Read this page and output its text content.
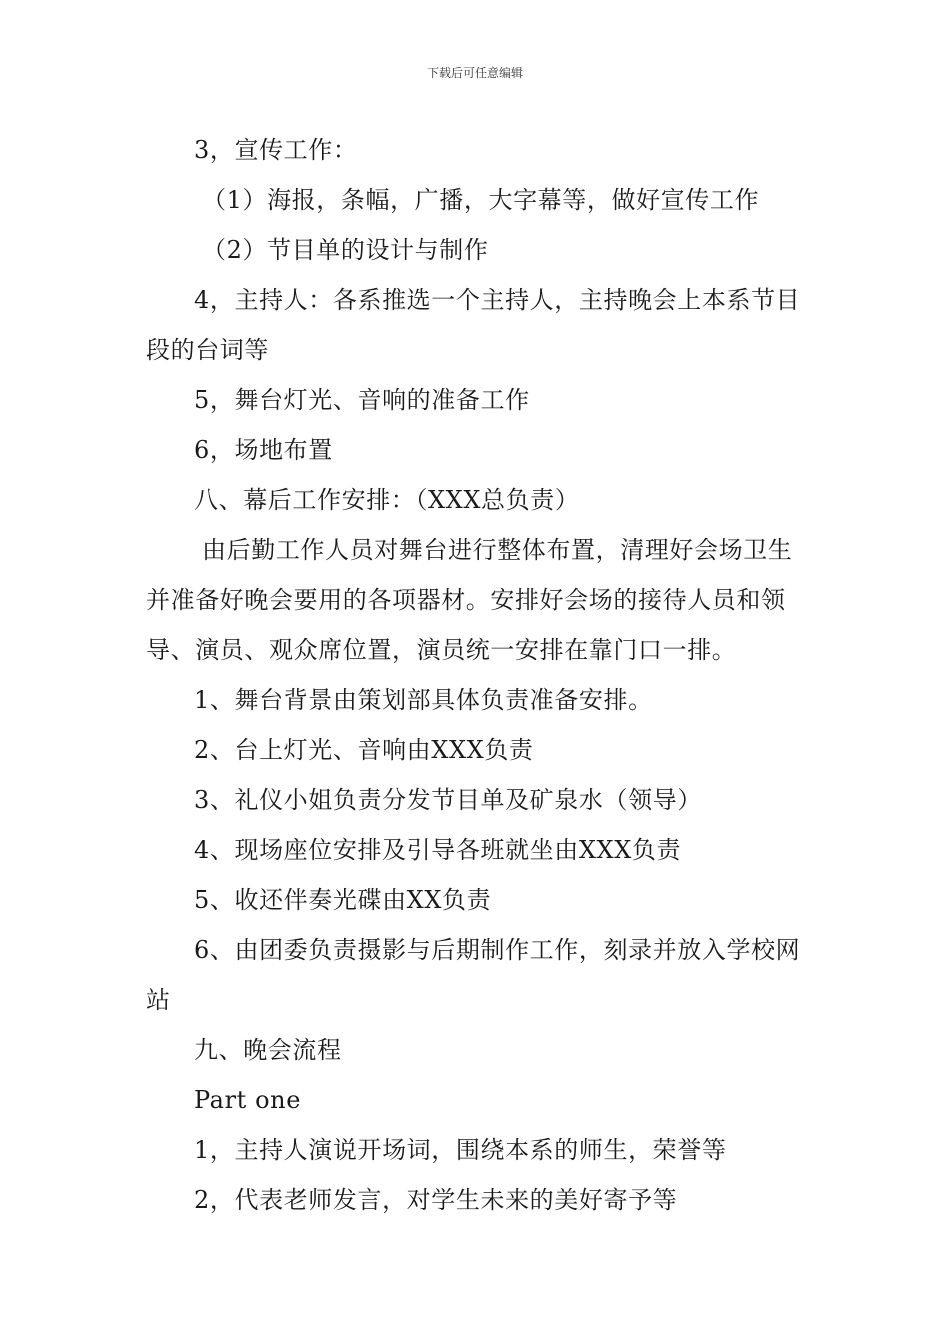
下载后可任意编辑

3，宣传工作：

（1）海报，条幅，广播，大字幕等，做好宣传工作

（2）节目单的设计与制作

4，主持人：各系推选一个主持人，主持晚会上本系节目段的台词等

5，舞台灯光、音响的准备工作

6，场地布置

八、幕后工作安排：（XXX总负责）

由后勤工作人员对舞台进行整体布置，清理好会场卫生并准备好晚会要用的各项器材。安排好会场的接待人员和领导、演员、观众席位置，演员统一安排在靠门口一排。

1、舞台背景由策划部具体负责准备安排。

2、台上灯光、音响由XXX负责

3、礼仪小姐负责分发节目单及矿泉水（领导）

4、现场座位安排及引导各班就坐由XXX负责

5、收还伴奏光碟由XX负责

6、由团委负责摄影与后期制作工作，刻录并放入学校网站

九、晚会流程

Part one

1，主持人演说开场词，围绕本系的师生，荣誉等

2，代表老师发言，对学生未来的美好寄予等
